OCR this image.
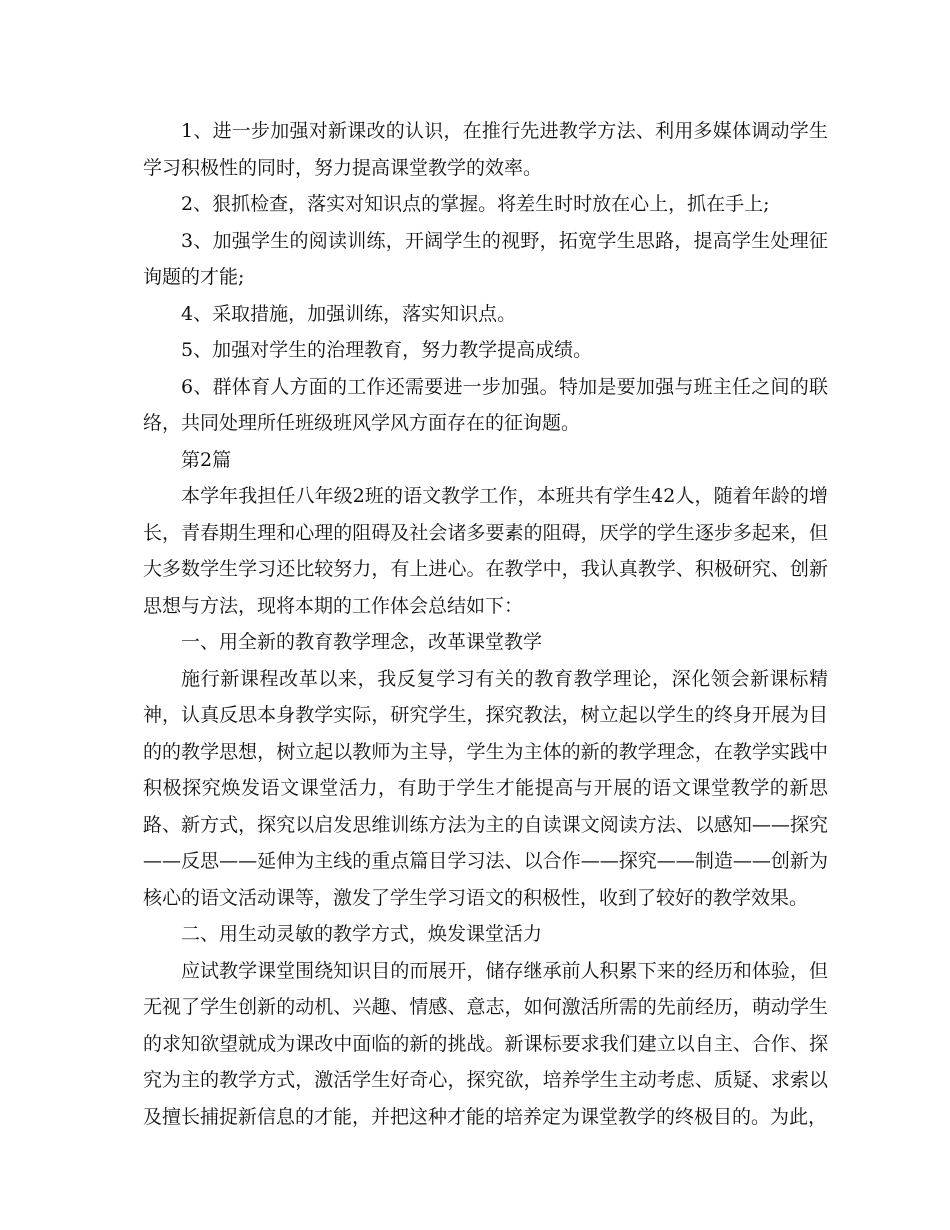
1、进一步加强对新课改的认识，在推行先进教学方法、利用多媒体调动学生学习积极性的同时，努力提高课堂教学的效率。

2、狠抓检查，落实对知识点的掌握。将差生时时放在心上，抓在手上;

3、加强学生的阅读训练，开阔学生的视野，拓宽学生思路，提高学生处理征询题的才能;

4、采取措施，加强训练，落实知识点。

5、加强对学生的治理教育，努力教学提高成绩。

6、群体育人方面的工作还需要进一步加强。特加是要加强与班主任之间的联络，共同处理所任班级班风学风方面存在的征询题。

第2篇

本学年我担任八年级2班的语文教学工作，本班共有学生42人，随着年龄的增长，青春期生理和心理的阻碍及社会诸多要素的阻碍，厌学的学生逐步多起来，但大多数学生学习还比较努力，有上进心。在教学中，我认真教学、积极研究、创新思想与方法，现将本期的工作体会总结如下：

一、用全新的教育教学理念，改革课堂教学

施行新课程改革以来，我反复学习有关的教育教学理论，深化领会新课标精神，认真反思本身教学实际，研究学生，探究教法，树立起以学生的终身开展为目的的教学思想，树立起以教师为主导，学生为主体的新的教学理念，在教学实践中积极探究焕发语文课堂活力，有助于学生才能提高与开展的语文课堂教学的新思路、新方式，探究以启发思维训练方法为主的自读课文阅读方法、以感知——探究——反思——延伸为主线的重点篇目学习法、以合作——探究——制造——创新为核心的语文活动课等，激发了学生学习语文的积极性，收到了较好的教学效果。

二、用生动灵敏的教学方式，焕发课堂活力

应试教学课堂围绕知识目的而展开，储存继承前人积累下来的经历和体验，但无视了学生创新的动机、兴趣、情感、意志，如何激活所需的先前经历，萌动学生的求知欲望就成为课改中面临的新的挑战。新课标要求我们建立以自主、合作、探究为主的教学方式，激活学生好奇心，探究欲，培养学生主动考虑、质疑、求索以及擅长捕捉新信息的才能，并把这种才能的培养定为课堂教学的终极目的。为此，
